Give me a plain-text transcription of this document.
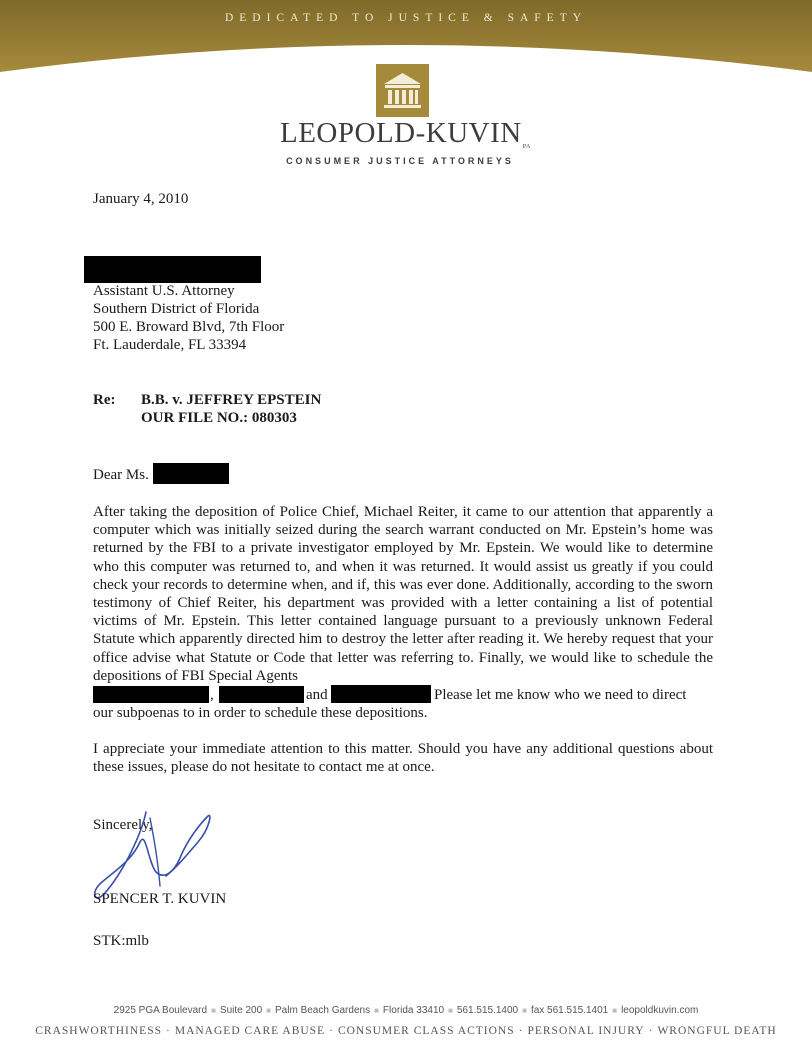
DEDICATED TO JUSTICE & SAFETY
LEOPOLD-KUVINPA
CONSUMER JUSTICE ATTORNEYS
January 4, 2010
Assistant U.S. Attorney
Southern District of Florida
500 E. Broward Blvd, 7th Floor
Ft. Lauderdale, FL 33394
Re: B.B. v. JEFFREY EPSTEIN
OUR FILE NO.: 080303
Dear Ms.
After taking the deposition of Police Chief, Michael Reiter, it came to our attention that apparently a computer which was initially seized during the search warrant conducted on Mr. Epstein’s home was returned by the FBI to a private investigator employed by Mr. Epstein. We would like to determine who this computer was returned to, and when it was returned. It would assist us greatly if you could check your records to determine when, and if, this was ever done. Additionally, according to the sworn testimony of Chief Reiter, his department was provided with a letter containing a list of potential victims of Mr. Epstein. This letter contained language pursuant to a previously unknown Federal Statute which apparently directed him to destroy the letter after reading it. We hereby request that your office advise what Statute or Code that letter was referring to. Finally, we would like to schedule the depositions of FBI Special Agents
,	and	Please let me know who we need to direct
our subpoenas to in order to schedule these depositions.
I appreciate your immediate attention to this matter. Should you have any additional questions about these issues, please do not hesitate to contact me at once.
Sincerely,
SPENCER T. KUVIN
STK:mlb
2925 PGA Boulevard ■ Suite 200 ■ Palm Beach Gardens ■ Florida 33410 ■ 561.515.1400 ■ fax 561.515.1401 ■ leopoldkuvin.com
CRASHWORTHINESS · MANAGED CARE ABUSE · CONSUMER CLASS ACTIONS · PERSONAL INJURY · WRONGFUL DEATH
